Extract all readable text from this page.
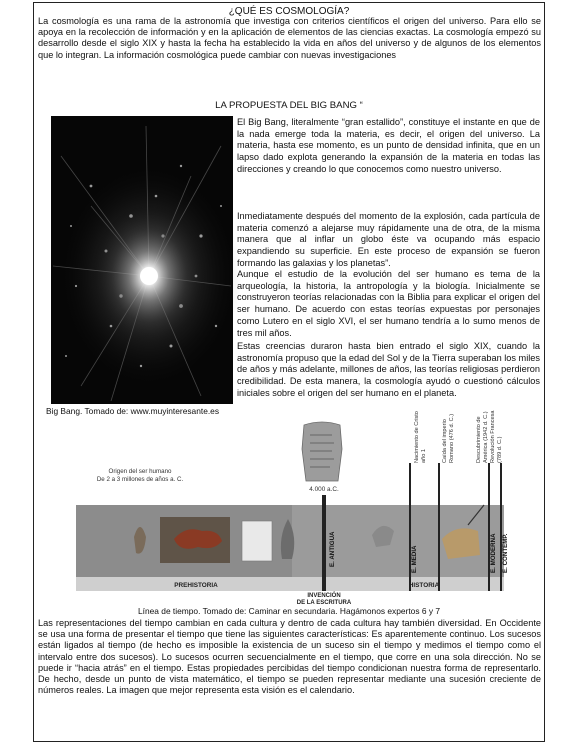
¿QUÉ ES COSMOLOGÍA?

La cosmología es una rama de la astronomía que investiga con criterios científicos el origen del universo. Para ello se apoya en la recolección de información y en la aplicación de elementos de las ciencias exactas. La cosmología empezó su desarrollo desde el siglo XIX y hasta la fecha ha establecido la vida en años del universo y de algunos de los elementos que lo integran. La información cosmológica puede cambiar con nuevas investigaciones

LA PROPUESTA DEL BIG BANG “
Big Bang. Tomado de: www.muyinteresante.es

El Big Bang, literalmente “gran estallido”, constituye el instante en que de la nada emerge toda la materia, es decir, el origen del universo. La materia, hasta ese momento, es un punto de densidad infinita, que en un lapso dado explota generando la expansión de la materia en todas las direcciones y creando lo que conocemos como nuestro universo.

Inmediatamente después del momento de la explosión, cada partícula de materia comenzó a alejarse muy rápidamente una de otra, de la misma manera que al inflar un globo éste va ocupando más espacio expandiendo su superficie. En este proceso de expansión se fueron formando las galaxias y los planetas”.

Aunque el estudio de la evolución del ser humano es tema de la arqueología, la historia, la antropología y la biología. Inicialmente se construyeron teorías relacionadas con la Biblia para explicar el origen del ser humano. De acuerdo con estas teorías expuestas por personajes como Lutero en el siglo XVI, el ser humano tendría a lo sumo menos de tres mil años.

Estas creencias duraron hasta bien entrado el siglo XIX, cuando la astronomía propuso que la edad del Sol y de la Tierra superaban los miles de años y más adelante, millones de años, las teorías religiosas perdieron credibilidad. De esta manera, la cosmología ayudó o cuestionó cálculos iniciales sobre el origen del ser humano en el planeta.

Origen del ser humano
De 2 a 3 millones de años a. C.
4.000 a.C.
Nacimiento de Cristo año 1	Caída del imperio Romano (476 d. C.)	Descubrimiento de América (1942 d. C.) Revolución Francesa (789 d. C.)
E. ANTIGUA	E. MEDIA	E. MODERNA E. CONTEMP.
PREHISTORIA
INVENCIÓN
DE LA ESCRITURA
HISTORIA
Línea de tiempo. Tomado de: Caminar en secundaria. Hagámonos expertos 6 y 7

Las representaciones del tiempo cambian en cada cultura y dentro de cada cultura hay también diversidad. En Occidente se usa una forma de presentar el tiempo que tiene las siguientes características: Es aparentemente continuo. Los sucesos están ligados al tiempo (de hecho es imposible la existencia de un suceso sin el tiempo y medimos el tiempo como el intervalo entre dos sucesos). Lo sucesos ocurren secuencialmente en el tiempo, que corre en una sola dirección. No se puede ir “hacia atrás” en el tiempo. Estas propiedades percibidas del tiempo condicionan nuestra forma de representarlo. De hecho, desde un punto de vista matemático, el tiempo se pueden representar mediante una sucesión creciente de números reales. La imagen que mejor representa esta visión es el calendario.
